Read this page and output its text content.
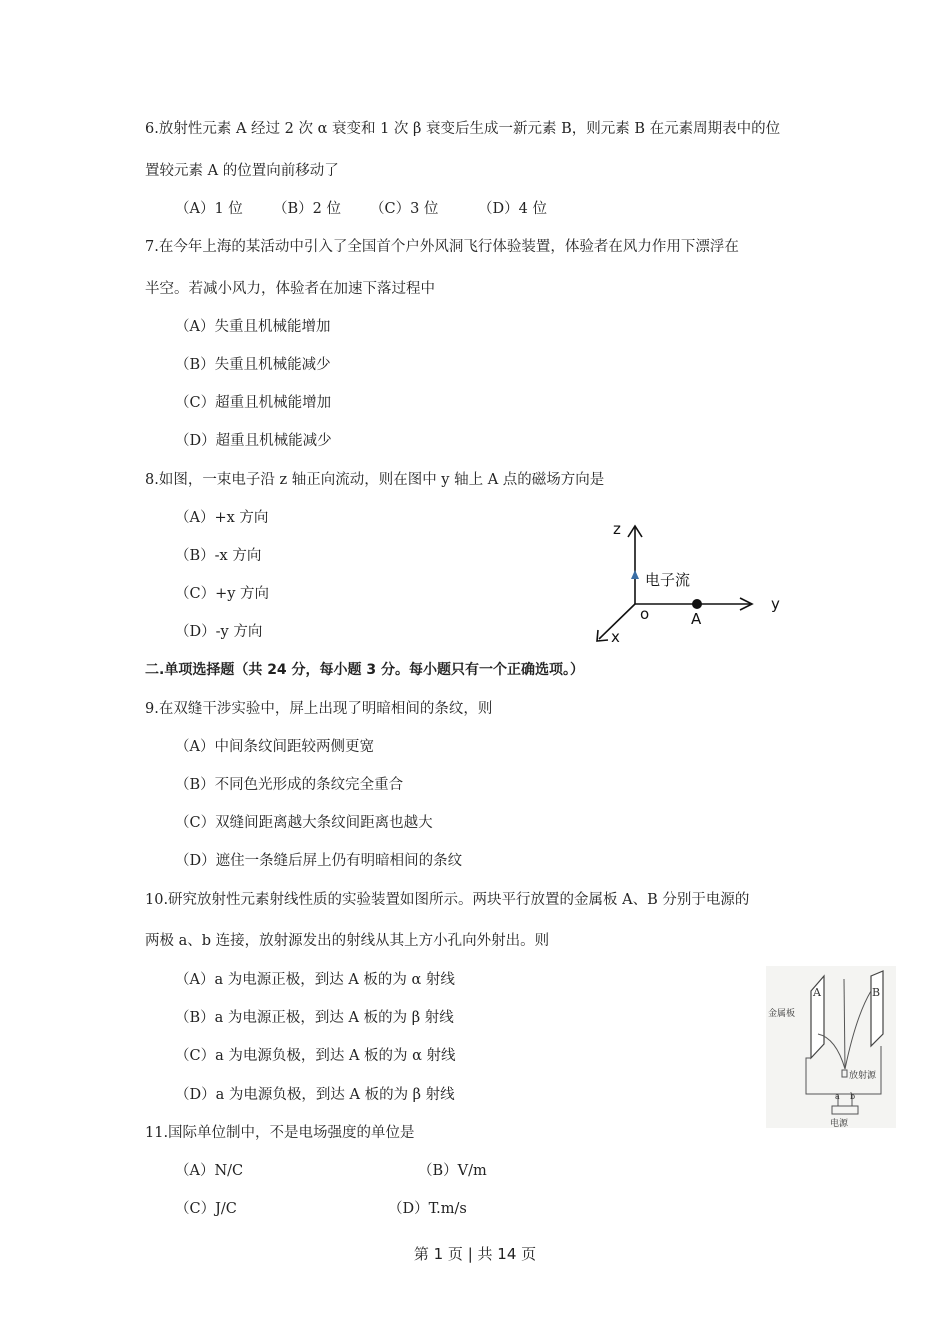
6.放射性元素 A 经过 2 次 α 衰变和 1 次 β 衰变后生成一新元素 B，则元素 B 在元素周期表中的位
置较元素 A 的位置向前移动了
（A）1 位 （B）2 位 （C）3 位	（D）4 位
7.在今年上海的某活动中引入了全国首个户外风洞飞行体验装置，体验者在风力作用下漂浮在
半空。若减小风力，体验者在加速下落过程中
（A）失重且机械能增加
（B）失重且机械能减少
（C）超重且机械能增加
（D）超重且机械能减少
8.如图，一束电子沿 z 轴正向流动，则在图中 y 轴上 A 点的磁场方向是
（A）+x 方向
（B）-x 方向
（C）+y 方向
（D）-y 方向
z
y
x
o	A
电子流
二.单项选择题（共 24 分，每小题 3 分。每小题只有一个正确选项。）
9.在双缝干涉实验中，屏上出现了明暗相间的条纹，则
（A）中间条纹间距较两侧更宽
（B）不同色光形成的条纹完全重合
（C）双缝间距离越大条纹间距离也越大
（D）遮住一条缝后屏上仍有明暗相间的条纹
10.研究放射性元素射线性质的实验装置如图所示。两块平行放置的金属板 A、B 分别于电源的
两极 a、b 连接，放射源发出的射线从其上方小孔向外射出。则
（A）a 为电源正极，到达 A 板的为 α 射线
（B）a 为电源正极，到达 A 板的为 β 射线
（C）a 为电源负极，到达 A 板的为 α 射线
（D）a 为电源负极，到达 A 板的为 β 射线
A	B
金属板
放射源
a b
电源
11.国际单位制中，不是电场强度的单位是
（A）N/C	（B）V/m
（C）J/C	（D）T.m/s
第 1 页 | 共 14 页
